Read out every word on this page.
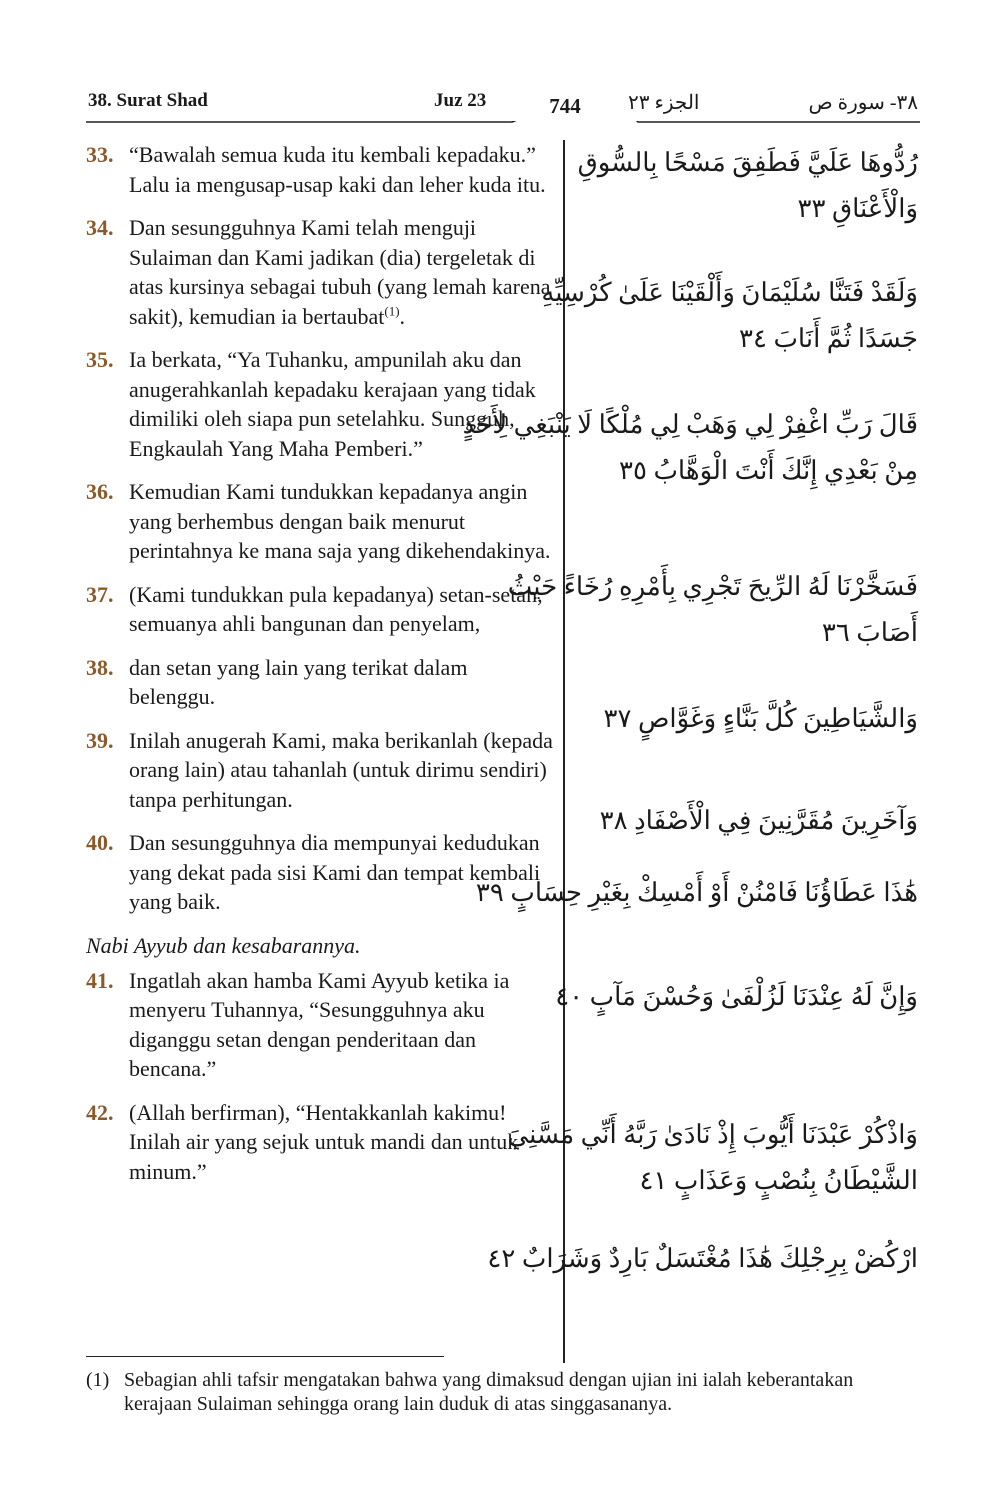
38. Surat Shad	Juz 23	744	الجزء ٢٣	٣٨- سورة ص
33. “Bawalah semua kuda itu kembali kepadaku.” Lalu ia mengusap-usap kaki dan leher kuda itu.
34. Dan sesungguhnya Kami telah menguji Sulaiman dan Kami jadikan (dia) tergeletak di atas kursinya sebagai tubuh (yang lemah karena sakit), kemudian ia bertaubat$^{(1)}$.
35. Ia berkata, “Ya Tuhanku, ampunilah aku dan anugerahkanlah kepadaku kerajaan yang tidak dimiliki oleh siapa pun setelahku. Sungguh, Engkaulah Yang Maha Pemberi.”
36. Kemudian Kami tundukkan kepadanya angin yang berhembus dengan baik menurut perintahnya ke mana saja yang dikehendakinya.
37. (Kami tundukkan pula kepadanya) setan-setan, semuanya ahli bangunan dan penyelam,
38. dan setan yang lain yang terikat dalam belenggu.
39. Inilah anugerah Kami, maka berikanlah (kepada orang lain) atau tahanlah (untuk dirimu sendiri) tanpa perhitungan.
40. Dan sesungguhnya dia mempunyai kedudukan yang dekat pada sisi Kami dan tempat kembali yang baik.
Nabi Ayyub dan kesabarannya.
41. Ingatlah akan hamba Kami Ayyub ketika ia menyeru Tuhannya, “Sesungguhnya aku diganggu setan dengan penderitaan dan bencana.”
42. (Allah berfirman), “Hentakkanlah kakimu! Inilah air yang sejuk untuk mandi dan untuk minum.”
رُدُّوهَا عَلَيَّ فَطَفِقَ مَسْحًا بِالسُّوقِ
وَالْأَعْنَاقِ ٣٣
وَلَقَدْ فَتَنَّا سُلَيْمَانَ وَأَلْقَيْنَا عَلَىٰ كُرْسِيِّهِ
جَسَدًا ثُمَّ أَنَابَ ٣٤
قَالَ رَبِّ اغْفِرْ لِي وَهَبْ لِي مُلْكًا لَا يَنْبَغِي لِأَحَدٍ
مِنْ بَعْدِي إِنَّكَ أَنْتَ الْوَهَّابُ ٣٥
فَسَخَّرْنَا لَهُ الرِّيحَ تَجْرِي بِأَمْرِهِ رُخَاءً حَيْثُ
أَصَابَ ٣٦
وَالشَّيَاطِينَ كُلَّ بَنَّاءٍ وَغَوَّاصٍ ٣٧
وَآخَرِينَ مُقَرَّنِينَ فِي الْأَصْفَادِ ٣٨
هَٰذَا عَطَاؤُنَا فَامْنُنْ أَوْ أَمْسِكْ بِغَيْرِ حِسَابٍ ٣٩
وَإِنَّ لَهُ عِنْدَنَا لَزُلْفَىٰ وَحُسْنَ مَآبٍ ٤٠
وَاذْكُرْ عَبْدَنَا أَيُّوبَ إِذْ نَادَىٰ رَبَّهُ أَنِّي مَسَّنِيَ
الشَّيْطَانُ بِنُصْبٍ وَعَذَابٍ ٤١
ارْكُضْ بِرِجْلِكَ هَٰذَا مُغْتَسَلٌ بَارِدٌ وَشَرَابٌ ٤٢
(1) Sebagian ahli tafsir mengatakan bahwa yang dimaksud dengan ujian ini ialah keberantakan kerajaan Sulaiman sehingga orang lain duduk di atas singgasananya.
